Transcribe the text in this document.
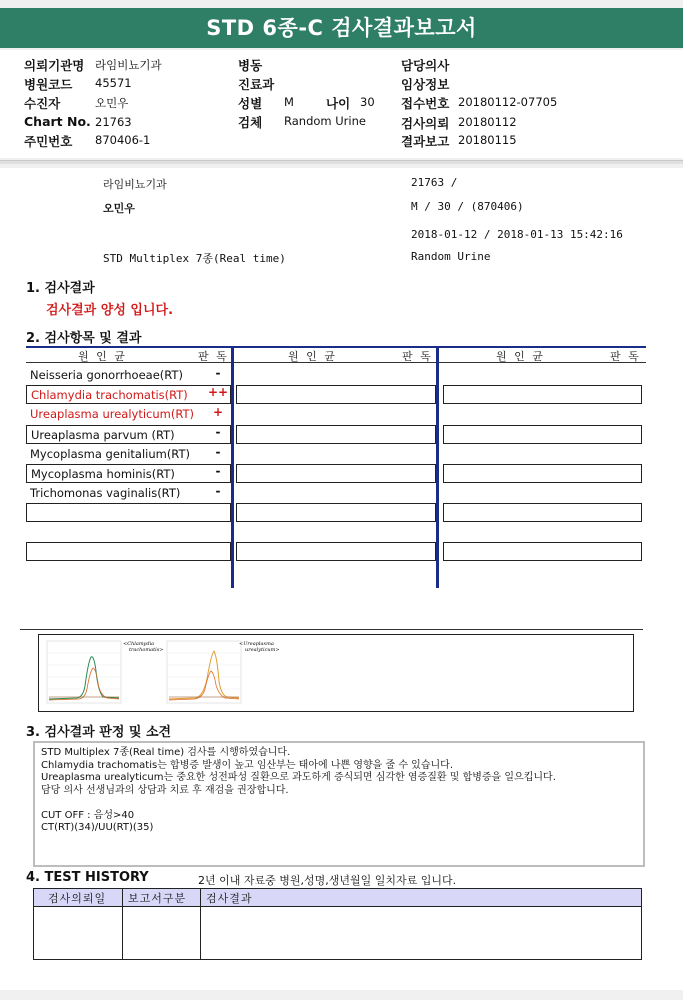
STD 6종-C 검사결과보고서
의뢰기관명 라임비뇨기과
병원코드 45571
수진자	오민우
Chart No. 21763
주민번호 870406-1
병동
진료과
성별 M	나이 30
검체 Random Urine
담당의사
임상정보
접수번호 20180112-07705
검사의뢰 20180112
결과보고 20180115
라임비뇨기과	21763 /
오민우	M / 30 / (870406)
2018-01-12 / 2018-01-13 15:42:16
STD Multiplex 7종(Real time)	Random Urine
1. 검사결과
검사결과 양성 입니다.
2. 검사항목 및 결과
원 인 균	판 독	원 인 균	판 독	원 인 균	판 독
Neisseria gonorrhoeae(RT)	-
Chlamydia trachomatis(RT)	++
Ureaplasma urealyticum(RT)	+
Ureaplasma parvum (RT)	-
Mycoplasma genitalium(RT)	-
Mycoplasma hominis(RT)	-
Trichomonas vaginalis(RT)	-
<Chlamydia
trachomatis>
<Ureaplasma
urealyticum>
3. 검사결과 판정 및 소견
STD Multiplex 7종(Real time) 검사를 시행하였습니다.
Chlamydia trachomatis는 합병증 발생이 높고 임산부는 태아에 나쁜 영향을 줄 수 있습니다.
Ureaplasma urealyticum는 중요한 성전파성 질환으로 과도하게 증식되면 심각한 염증질환 및 합병증을 일으킵니다.
담당 의사 선생님과의 상담과 치료 후 재검을 권장합니다.
CUT OFF : 음성>40
CT(RT)(34)/UU(RT)(35)
4. TEST HISTORY	2년 이내 자료중 병원,성명,생년월일 일치자료 입니다.
검사의뢰일 보고서구분 검사결과
